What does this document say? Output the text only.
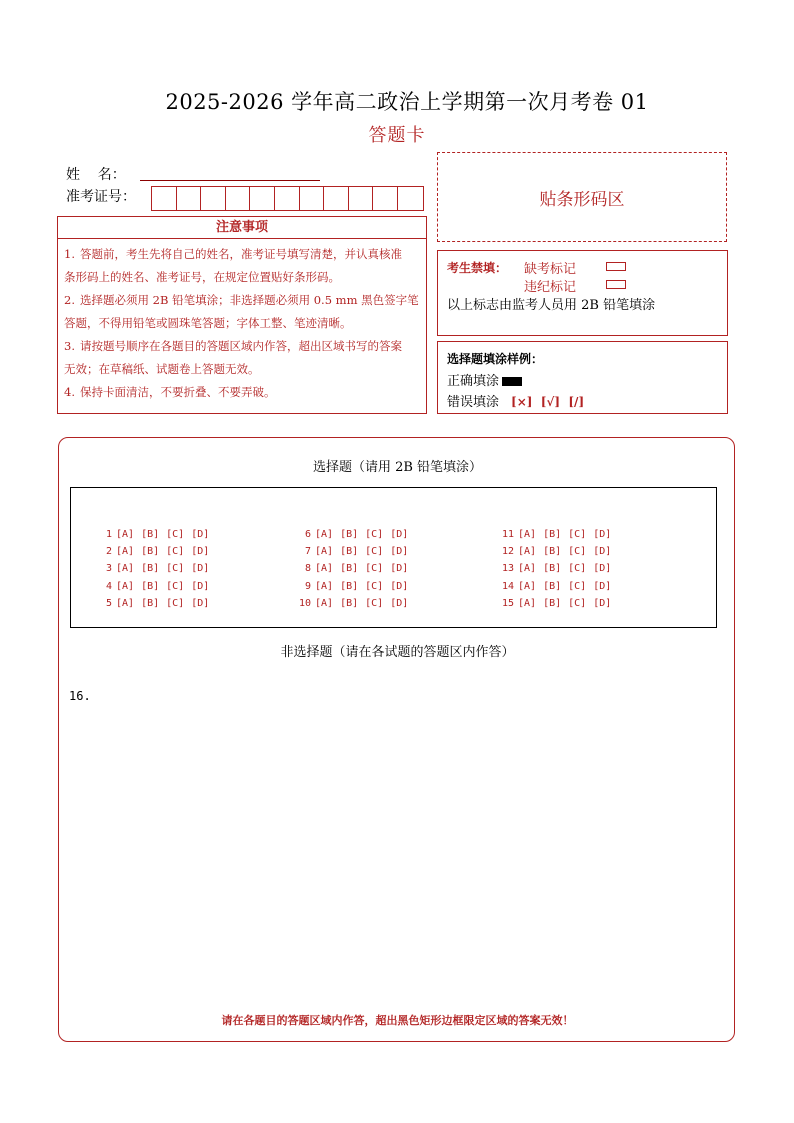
2025-2026 学年高二政治上学期第一次月考卷 01
答题卡
姓    名：
准考证号：	贴条形码区
注意事项
1. 答题前，考生先将自己的姓名，准考证号填写清楚，并认真核准
条形码上的姓名、准考证号，在规定位置贴好条形码。
2. 选择题必须用 2B 铅笔填涂；非选择题必须用 0.5 mm 黑色签字笔
答题，不得用铅笔或圆珠笔答题；字体工整、笔迹清晰。
3. 请按题号顺序在各题目的答题区域内作答，超出区域书写的答案
无效；在草稿纸、试题卷上答题无效。
4. 保持卡面清洁，不要折叠、不要弄破。
考生禁填： 缺考标记
违纪标记
以上标志由监考人员用 2B 铅笔填涂
选择题填涂样例：
正确填涂
错误填涂 [×]  [√]  [/]
选择题（请用 2B 铅笔填涂）
1 [A] [B] [C] [D]
2 [A] [B] [C] [D]
3 [A] [B] [C] [D]
4 [A] [B] [C] [D]
5 [A] [B] [C] [D]
6 [A] [B] [C] [D]
7 [A] [B] [C] [D]
8 [A] [B] [C] [D]
9 [A] [B] [C] [D]
10 [A] [B] [C] [D]
11 [A] [B] [C] [D]
12 [A] [B] [C] [D]
13 [A] [B] [C] [D]
14 [A] [B] [C] [D]
15 [A] [B] [C] [D]
非选择题（请在各试题的答题区内作答）
16.
请在各题目的答题区域内作答，超出黑色矩形边框限定区域的答案无效！
